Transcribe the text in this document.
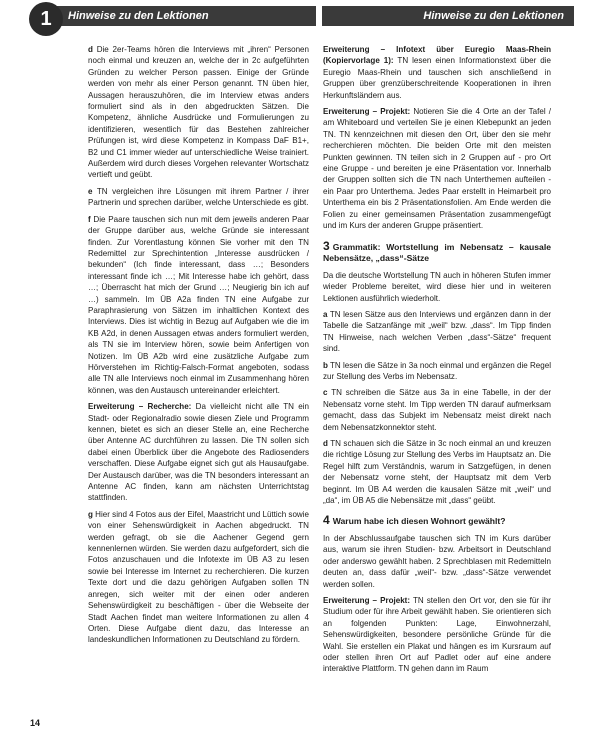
1	Hinweise zu den Lektionen	Hinweise zu den Lektionen

d Die 2er-Teams hören die Interviews mit „ihren“ Personen noch einmal und kreuzen an, welche der in 2c aufgeführten Gründen zu welcher Person passen. Einige der Gründe werden von mehr als einer Person genannt. TN üben hier, Aussagen herauszuhören, die im Interview etwas anders formuliert sind als in den abgedruckten Sätzen. Die Kompetenz, ähnliche Ausdrücke und Formulierungen zu identifizieren, wesentlich für das Bestehen zahlreicher Prüfungen ist, wird diese Kompetenz in Kompass DaF B1+, B2 und C1 immer wieder auf unterschiedliche Weise trainiert. Außerdem wird durch dieses Vorgehen relevanter Wortschatz vertieft und geübt.

e TN vergleichen ihre Lösungen mit ihrem Partner / ihrer Partnerin und sprechen darüber, welche Unterschiede es gibt.

f Die Paare tauschen sich nun mit dem jeweils anderen Paar der Gruppe darüber aus, welche Gründe sie interessant finden. Zur Vorentlastung können Sie vorher mit den TN Redemittel zur Sprechintention „Interesse ausdrücken / bekunden“ (Ich finde interessant, dass …; Besonders interessant finde ich …; Mit Interesse habe ich gehört, dass …; Überrascht hat mich der Grund …; Neugierig bin ich auf …) sammeln. Im ÜB A2a finden TN eine Aufgabe zur Paraphrasierung von Sätzen im inhaltlichen Kontext des Interviews. Dies ist wichtig in Bezug auf Aufgaben wie die im KB A2d, in denen Aussagen etwas anders formuliert werden, als TN sie im Interview hören, sowie beim Anfertigen von Notizen. Im ÜB A2b wird eine zusätzliche Aufgabe zum Hörverstehen im Richtig-Falsch-Format angeboten, sodass alle TN alle Interviews noch einmal im Zusammenhang hören können, was den Austausch untereinander erleichtert.

Erweiterung – Recherche: Da vielleicht nicht alle TN ein Stadt- oder Regionalradio sowie diesen Ziele und Programm kennen, bietet es sich an dieser Stelle an, eine Recherche über Antenne AC durchführen zu lassen. Die TN sollen sich dabei einen Überblick über die Angebote des Radiosenders verschaffen. Diese Aufgabe eignet sich gut als Hausaufgabe. Der Austausch darüber, was die TN besonders interessant an Antenne AC finden, kann am nächsten Unterrichtstag stattfinden.

g Hier sind 4 Fotos aus der Eifel, Maastricht und Lüttich sowie von einer Sehenswürdigkeit in Aachen abgedruckt. TN werden gefragt, ob sie die Aachener Gegend gern kennenlernen würden. Sie werden dazu aufgefordert, sich die Fotos anzuschauen und die Infotexte im ÜB A3 zu lesen sowie bei Interesse im Internet zu recherchieren. Die kurzen Texte dort und die dazu gehörigen Aufgaben sollen TN anregen, sich weiter mit der einen oder anderen Sehenswürdigkeit zu beschäftigen - über die Webseite der Stadt Aachen findet man weitere Informationen zu allen 4 Orten. Diese Aufgabe dient dazu, das Interesse an landeskundlichen Informationen zu Deutschland zu fördern.

Erweiterung – Infotext über Euregio Maas-Rhein (Kopiervorlage 1): TN lesen einen Informationstext über die Euregio Maas-Rhein und tauschen sich anschließend in Gruppen über grenzüberschreitende Kooperationen in ihren Herkunftsländern aus.

Erweiterung – Projekt: Notieren Sie die 4 Orte an der Tafel / am Whiteboard und verteilen Sie je einen Klebepunkt an jeden TN. TN kennzeichnen mit diesen den Ort, über den sie mehr recherchieren möchten. Die beiden Orte mit den meisten Punkten gewinnen. TN teilen sich in 2 Gruppen auf - pro Ort eine Gruppe - und bereiten je eine Präsentation vor. Innerhalb der Gruppen sollten sich die TN nach Unterthemen aufteilen - ein Paar pro Unterthema. Jedes Paar erstellt in Heimarbeit pro Unterthema ein bis 2 Präsentationsfolien. Am Ende werden die Folien zu einer gemeinsamen Präsentation zusammengefügt und im Kurs der anderen Gruppe präsentiert.

3 Grammatik: Wortstellung im Nebensatz – kausale Nebensätze, „dass“-Sätze

Da die deutsche Wortstellung TN auch in höheren Stufen immer wieder Probleme bereitet, wird diese hier und in weiteren Lektionen ausführlich wiederholt.

a TN lesen Sätze aus den Interviews und ergänzen dann in der Tabelle die Satzanfänge mit „weil“ bzw. „dass“. Im Tipp finden TN Hinweise, nach welchen Verben „dass“-Sätze“ frequent sind.

b TN lesen die Sätze in 3a noch einmal und ergänzen die Regel zur Stellung des Verbs im Nebensatz.

c TN schreiben die Sätze aus 3a in eine Tabelle, in der der Nebensatz vorne steht. Im Tipp werden TN darauf aufmerksam gemacht, dass das Subjekt im Nebensatz meist direkt nach dem Nebensatzkonnektor steht.

d TN schauen sich die Sätze in 3c noch einmal an und kreuzen die richtige Lösung zur Stellung des Verbs im Hauptsatz an. Die Regel hilft zum Verständnis, warum in Satzgefügen, in denen der Nebensatz vorne steht, der Hauptsatz mit dem Verb beginnt. Im ÜB A4 werden die kausalen Sätze mit „weil“ und „da“, im ÜB A5 die Nebensätze mit „dass“ geübt.

4 Warum habe ich diesen Wohnort gewählt?

In der Abschlussaufgabe tauschen sich TN im Kurs darüber aus, warum sie ihren Studien- bzw. Arbeitsort in Deutschland oder anderswo gewählt haben. 2 Sprechblasen mit Redemitteln deuten an, dass dafür „weil“- bzw. „dass“-Sätze verwendet werden sollen.

Erweiterung – Projekt: TN stellen den Ort vor, den sie für ihr Studium oder für ihre Arbeit gewählt haben. Sie orientieren sich an folgenden Punkten: Lage, Einwohnerzahl, Sehenswürdigkeiten, besondere persönliche Gründe für die Wahl. Sie erstellen ein Plakat und hängen es im Kursraum auf oder stellen ihren Ort auf Padlet oder auf eine andere interaktive Plattform. TN gehen dann im Raum

14
